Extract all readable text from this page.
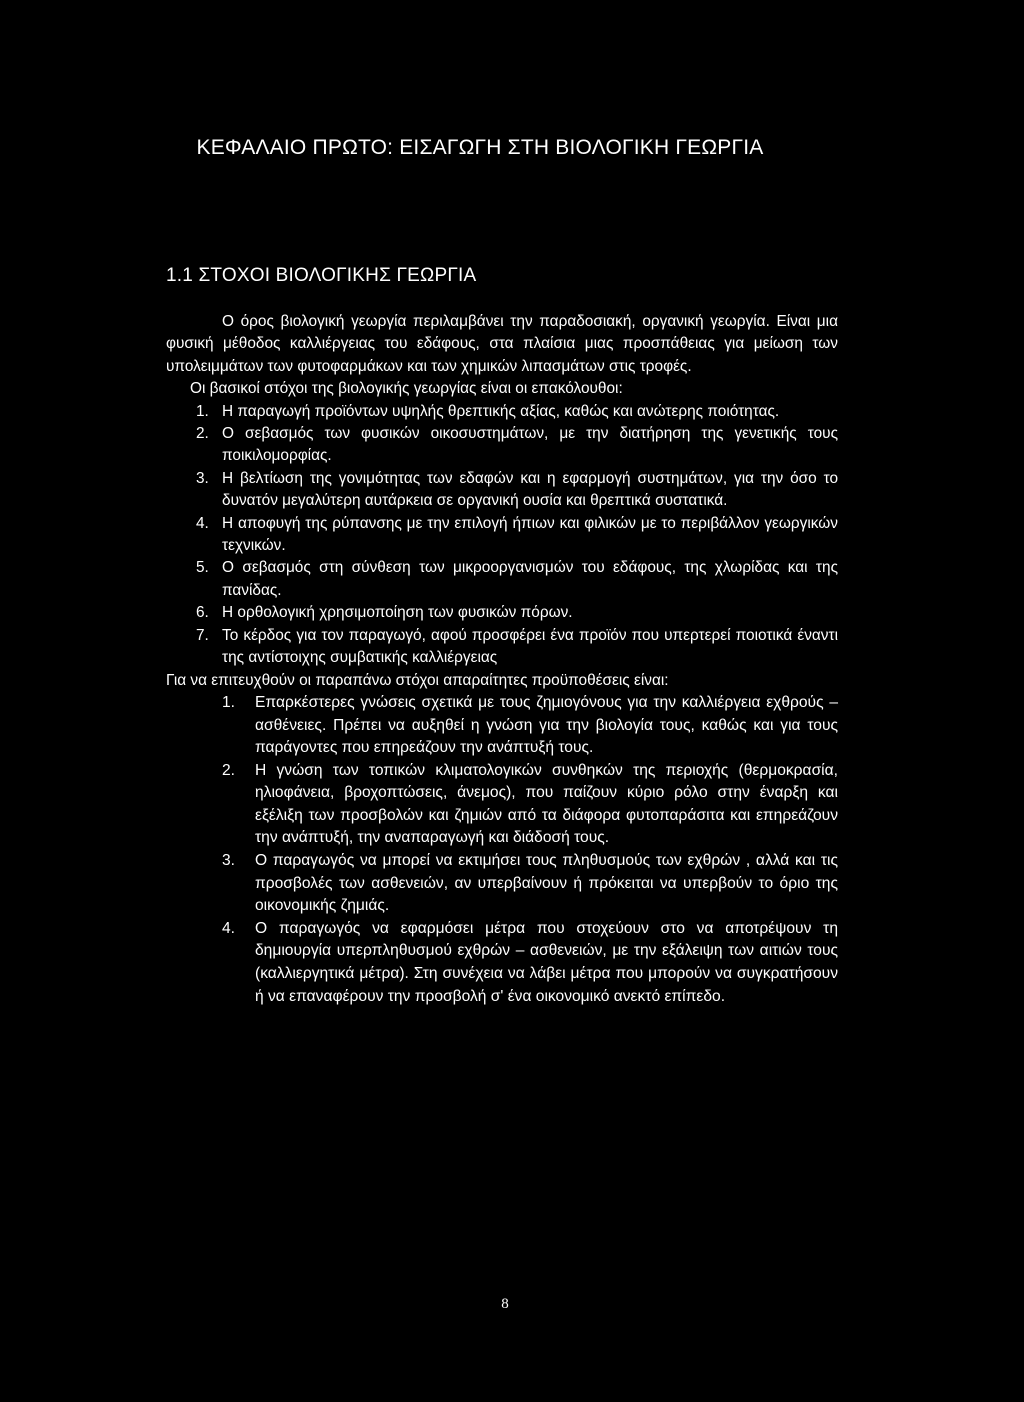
ΚΕΦΑΛΑΙΟ ΠΡΩΤΟ: ΕΙΣΑΓΩΓΗ ΣΤΗ ΒΙΟΛΟΓΙΚΗ ΓΕΩΡΓΙΑ
1.1 ΣΤΟΧΟΙ ΒΙΟΛΟΓΙΚΗΣ ΓΕΩΡΓΙΑ

Ο όρος βιολογική γεωργία περιλαμβάνει την παραδοσιακή, οργανική γεωργία. Είναι μια φυσική μέθοδος καλλιέργειας του εδάφους, στα πλαίσια μιας προσπάθειας για μείωση των υπολειμμάτων των φυτοφαρμάκων και των χημικών λιπασμάτων στις τροφές.

Οι βασικοί στόχοι της βιολογικής γεωργίας είναι οι επακόλουθοι:

1. Η παραγωγή προϊόντων υψηλής θρεπτικής αξίας, καθώς και ανώτερης ποιότητας.
2. Ο σεβασμός των φυσικών οικοσυστημάτων, με την διατήρηση της γενετικής τους ποικιλομορφίας.
3. Η βελτίωση της γονιμότητας των εδαφών και η εφαρμογή συστημάτων, για την όσο το δυνατόν μεγαλύτερη αυτάρκεια σε οργανική ουσία και θρεπτικά συστατικά.
4. Η αποφυγή της ρύπανσης με την επιλογή ήπιων και φιλικών με το περιβάλλον γεωργικών τεχνικών.
5. Ο σεβασμός στη σύνθεση των μικροοργανισμών του εδάφους, της χλωρίδας και της πανίδας.
6. Η ορθολογική χρησιμοποίηση των φυσικών πόρων.
7. Το κέρδος για τον παραγωγό, αφού προσφέρει ένα προϊόν που υπερτερεί ποιοτικά έναντι της αντίστοιχης συμβατικής καλλιέργειας

Για να επιτευχθούν οι παραπάνω στόχοι απαραίτητες προϋποθέσεις είναι:

1. Επαρκέστερες γνώσεις σχετικά με τους ζημιογόνους για την καλλιέργεια εχθρούς – ασθένειες. Πρέπει να αυξηθεί η γνώση για την βιολογία τους, καθώς και για τους παράγοντες που επηρεάζουν την ανάπτυξή τους.
2. Η γνώση των τοπικών κλιματολογικών συνθηκών της περιοχής (θερμοκρασία, ηλιοφάνεια, βροχοπτώσεις, άνεμος), που παίζουν κύριο ρόλο στην έναρξη και εξέλιξη των προσβολών και ζημιών από τα διάφορα φυτοπαράσιτα και επηρεάζουν την ανάπτυξή, την αναπαραγωγή και διάδοσή τους.
3. Ο παραγωγός να μπορεί να εκτιμήσει τους πληθυσμούς των εχθρών , αλλά και τις προσβολές των ασθενειών, αν υπερβαίνουν ή πρόκειται να υπερβούν το όριο της οικονομικής ζημιάς.
4. Ο παραγωγός να εφαρμόσει μέτρα που στοχεύουν στο να αποτρέψουν τη δημιουργία υπερπληθυσμού εχθρών – ασθενειών, με την εξάλειψη των αιτιών τους (καλλιεργητικά μέτρα). Στη συνέχεια να λάβει μέτρα που μπορούν να συγκρατήσουν ή να επαναφέρουν την προσβολή σ' ένα οικονομικό ανεκτό επίπεδο.
8
